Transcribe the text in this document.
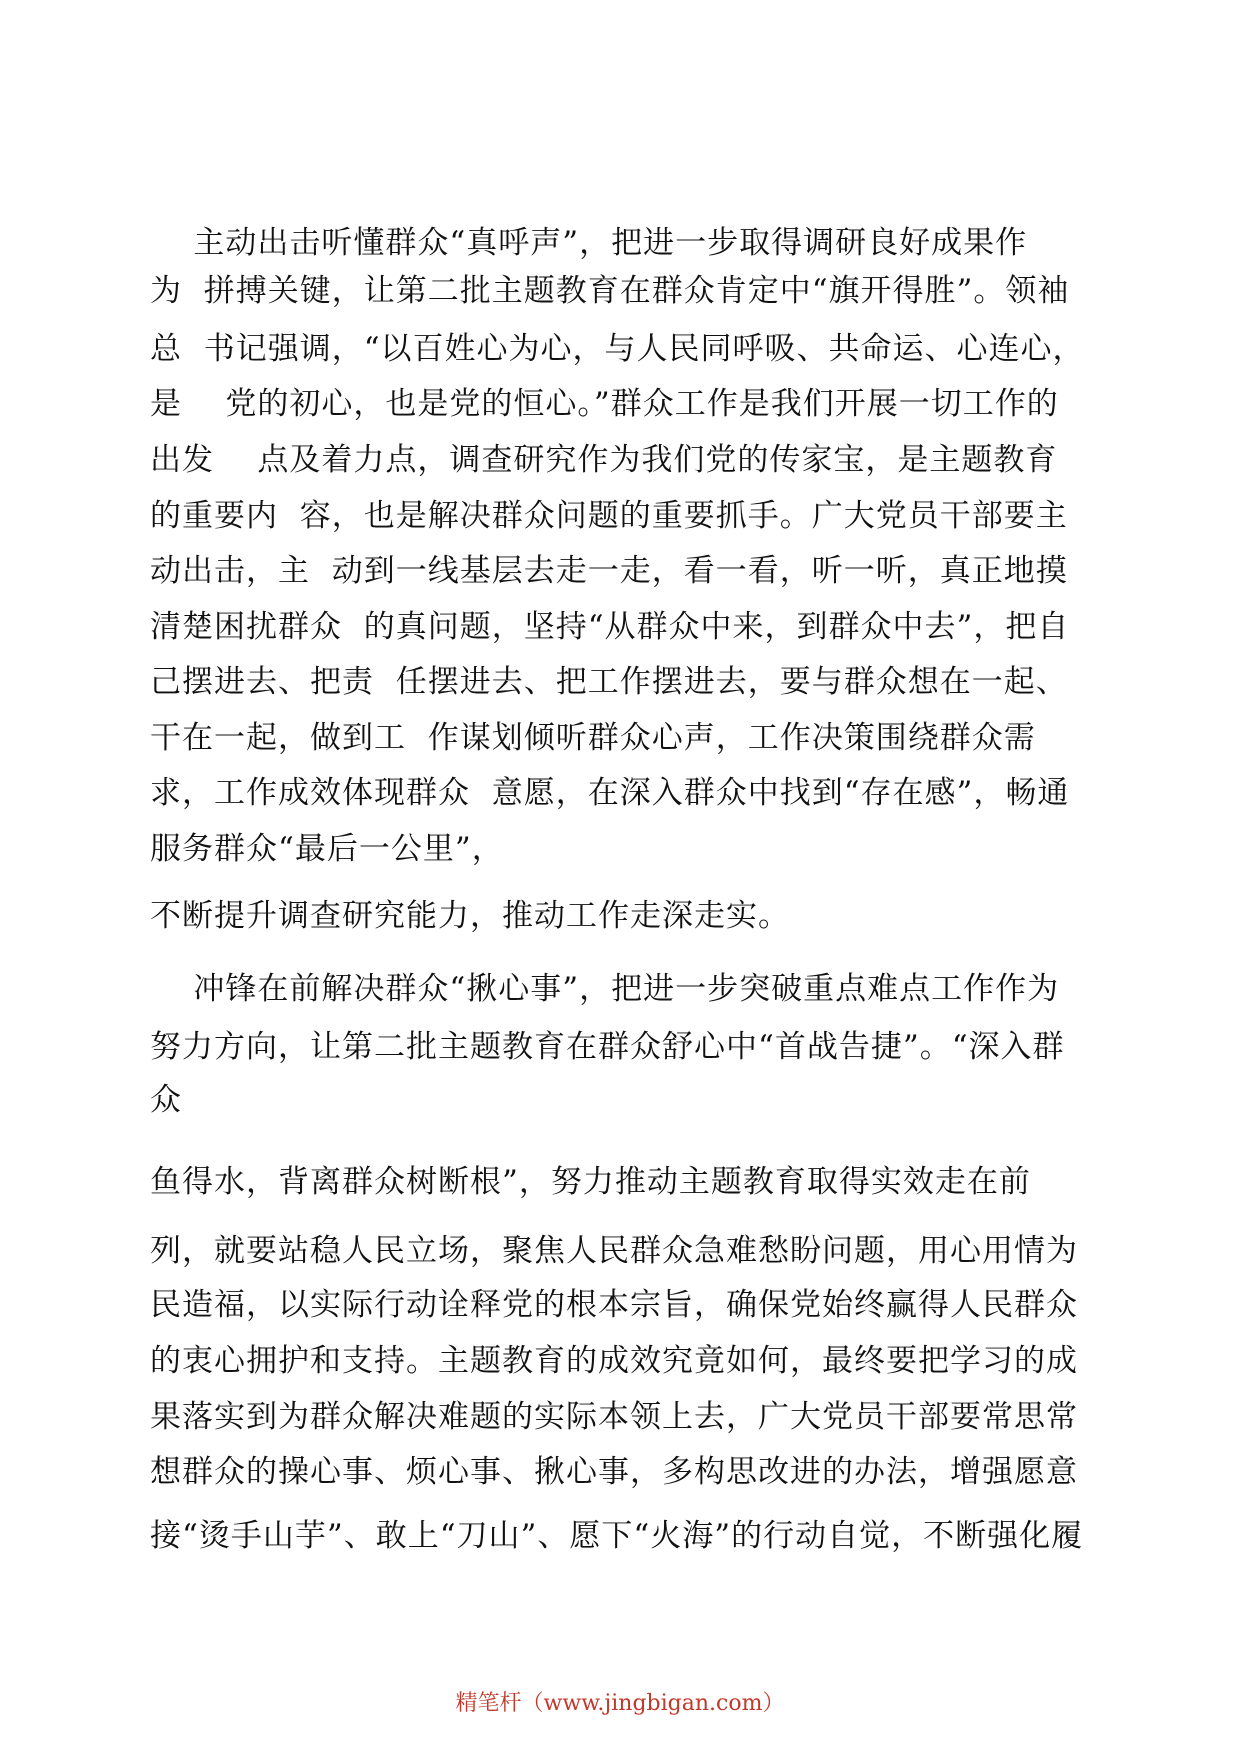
主动出击听懂群众“真呼声”，把进一步取得调研良好成果作
为  拼搏关键，让第二批主题教育在群众肯定中“旗开得胜”。领袖
总  书记强调，“以百姓心为心，与人民同呼吸、共命运、心连心，
是    党的初心，也是党的恒心。”群众工作是我们开展一切工作的
出发    点及着力点，调查研究作为我们党的传家宝，是主题教育
的重要内  容，也是解决群众问题的重要抓手。广大党员干部要主
动出击，主  动到一线基层去走一走，看一看，听一听，真正地摸
清楚困扰群众  的真问题，坚持“从群众中来，到群众中去”，把自
己摆进去、把责  任摆进去、把工作摆进去，要与群众想在一起、
干在一起，做到工  作谋划倾听群众心声，工作决策围绕群众需
求，工作成效体现群众  意愿，在深入群众中找到“存在感”，畅通
服务群众“最后一公里”，
不断提升调查研究能力，推动工作走深走实。
冲锋在前解决群众“揪心事”，把进一步突破重点难点工作作为
努力方向，让第二批主题教育在群众舒心中“首战告捷”。“深入群
众
鱼得水，背离群众树断根”，努力推动主题教育取得实效走在前
列，就要站稳人民立场，聚焦人民群众急难愁盼问题，用心用情为
民造福，以实际行动诠释党的根本宗旨，确保党始终赢得人民群众
的衷心拥护和支持。主题教育的成效究竟如何，最终要把学习的成
果落实到为群众解决难题的实际本领上去，广大党员干部要常思常
想群众的操心事、烦心事、揪心事，多构思改进的办法，增强愿意
接“烫手山芋”、敢上“刀山”、愿下“火海”的行动自觉，不断强化履
精笔杆（www.jingbigan.com）
